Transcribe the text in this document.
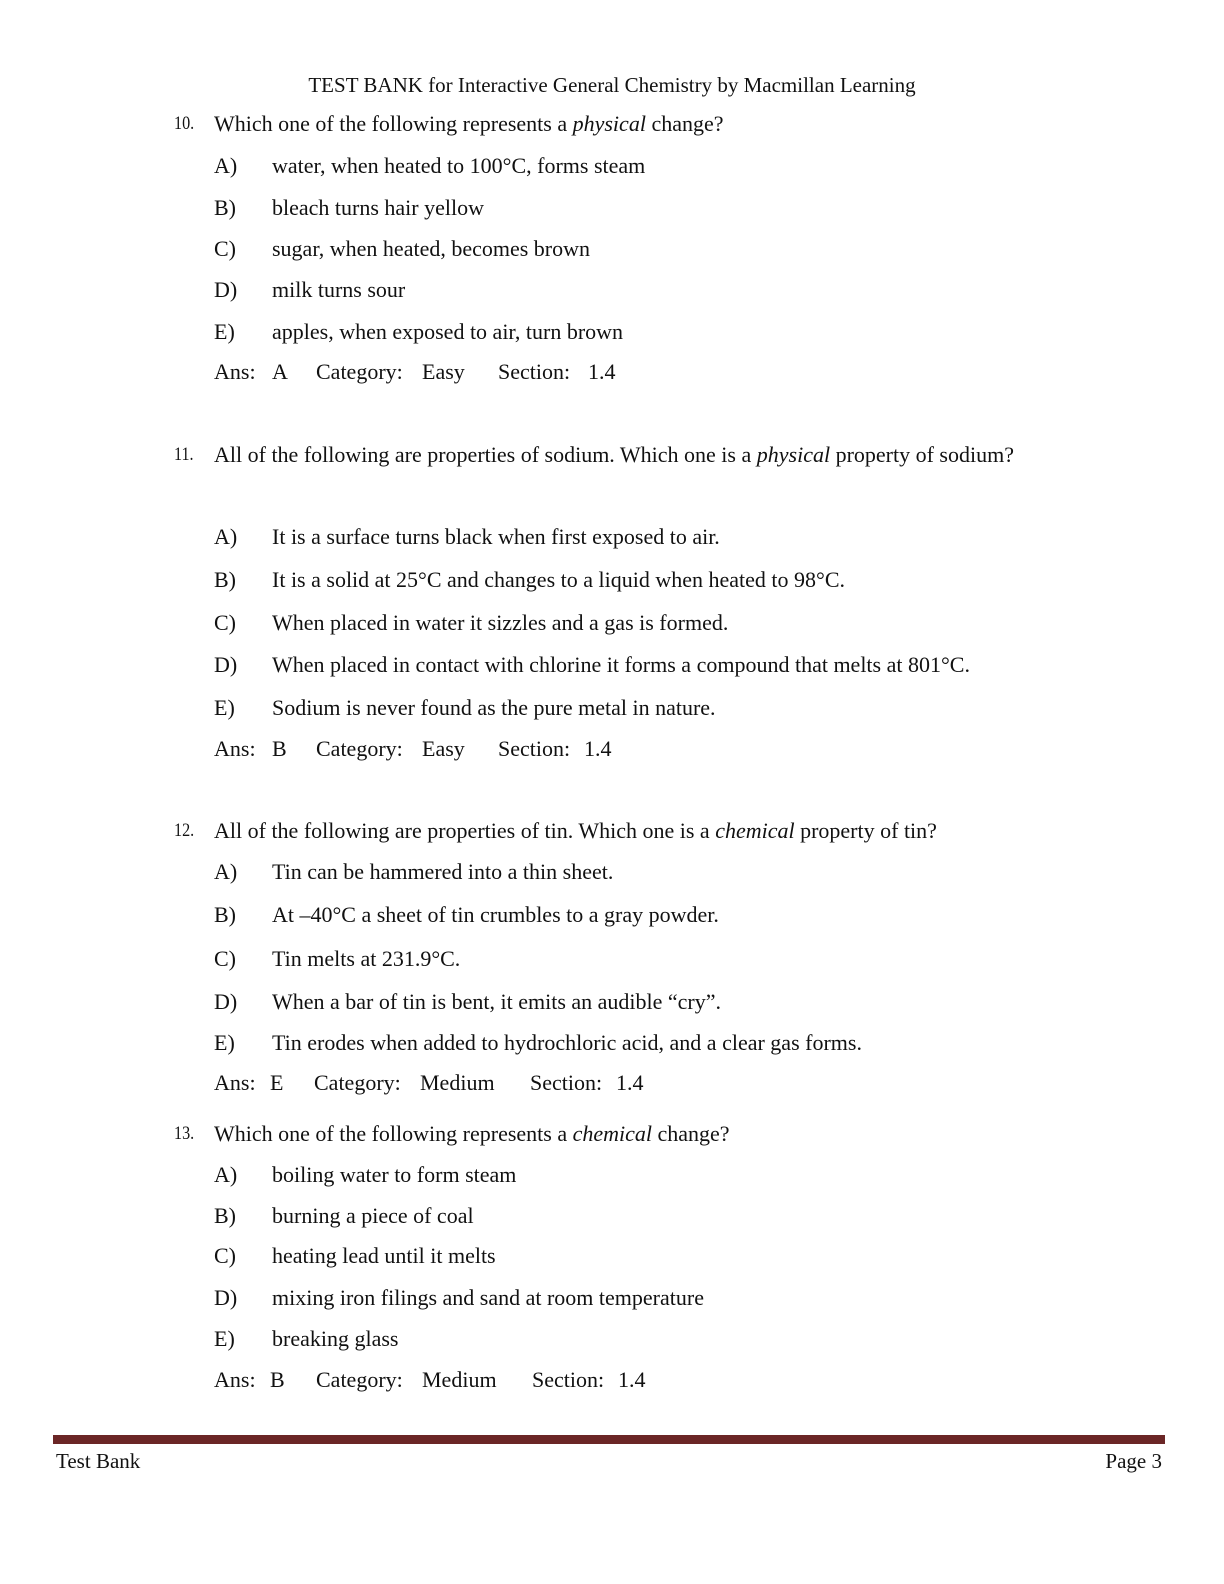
TEST BANK for Interactive General Chemistry by Macmillan Learning
10. Which one of the following represents a physical change?
A) water, when heated to 100°C, forms steam
B) bleach turns hair yellow
C) sugar, when heated, becomes brown
D) milk turns sour
E) apples, when exposed to air, turn brown
Ans: A Category: Easy Section: 1.4
11. All of the following are properties of sodium. Which one is a physical property of sodium?
A) It is a surface turns black when first exposed to air.
B) It is a solid at 25°C and changes to a liquid when heated to 98°C.
C) When placed in water it sizzles and a gas is formed.
D) When placed in contact with chlorine it forms a compound that melts at 801°C.
E) Sodium is never found as the pure metal in nature.
Ans: B Category: Easy Section: 1.4
12. All of the following are properties of tin. Which one is a chemical property of tin?
A) Tin can be hammered into a thin sheet.
B) At –40°C a sheet of tin crumbles to a gray powder.
C) Tin melts at 231.9°C.
D) When a bar of tin is bent, it emits an audible “cry”.
E) Tin erodes when added to hydrochloric acid, and a clear gas forms.
Ans: E Category: Medium Section: 1.4
13. Which one of the following represents a chemical change?
A) boiling water to form steam
B) burning a piece of coal
C) heating lead until it melts
D) mixing iron filings and sand at room temperature
E) breaking glass
Ans: B Category: Medium Section: 1.4
Test Bank	Page 3
